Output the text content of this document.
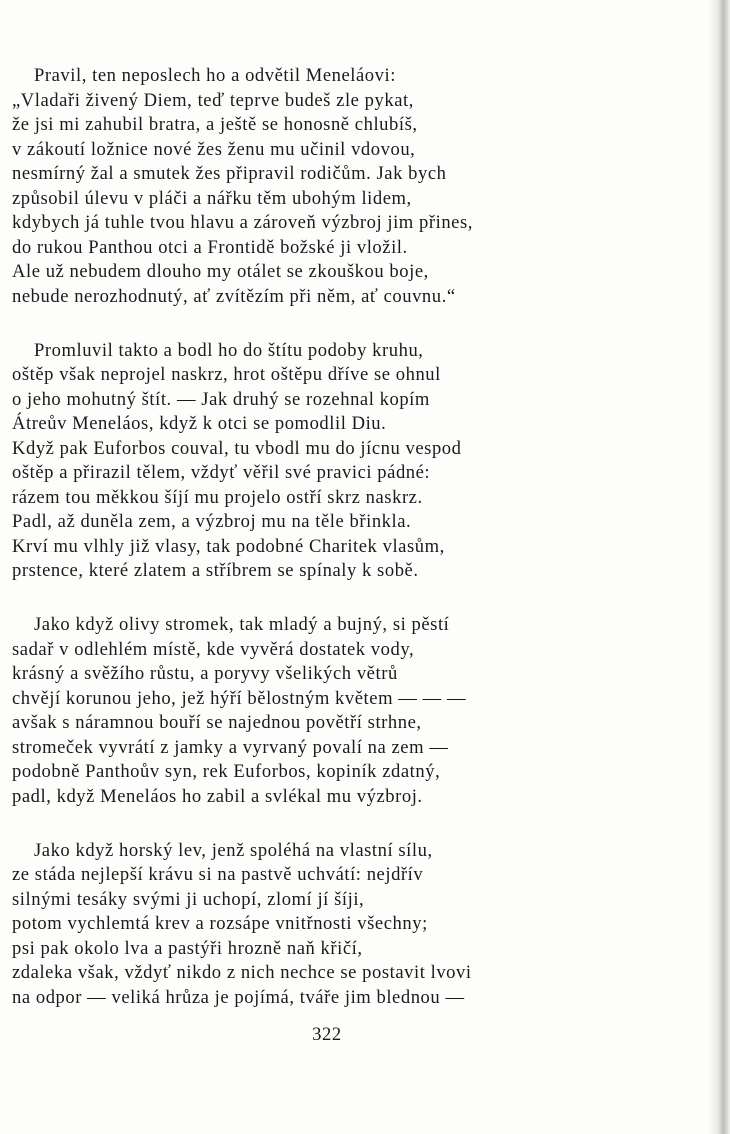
Pravil, ten neposlech ho a odvětil Meneláovi:
„Vladaři živený Diem, teď teprve budeš zle pykat,
že jsi mi zahubil bratra, a ještě se honosně chlubíš,
v zákoutí ložnice nové žes ženu mu učinil vdovou,
nesmírný žal a smutek žes připravil rodičům. Jak bych
způsobil úlevu v pláči a nářku těm ubohým lidem,
kdybych já tuhle tvou hlavu a zároveň výzbroj jim přines,
do rukou Panthou otci a Frontidě božské ji vložil.
Ale už nebudem dlouho my otálet se zkouškou boje,
nebude nerozhodnutý, ať zvítězím při něm, ať couvnu.“
Promluvil takto a bodl ho do štítu podoby kruhu,
oštěp však neprojel naskrz, hrot oštěpu dříve se ohnul
o jeho mohutný štít. — Jak druhý se rozehnal kopím
Átreův Meneláos, když k otci se pomodlil Diu.
Když pak Euforbos couval, tu vbodl mu do jícnu vespod
oštěp a přirazil tělem, vždyť věřil své pravici pádné:
rázem tou měkkou šíjí mu projelo ostří skrz naskrz.
Padl, až duněla zem, a výzbroj mu na těle břinkla.
Krví mu vlhly již vlasy, tak podobné Charitek vlasům,
prstence, které zlatem a stříbrem se spínaly k sobě.
Jako když olivy stromek, tak mladý a bujný, si pěstí
sadař v odlehlém místě, kde vyvěrá dostatek vody,
krásný a svěžího růstu, a poryvy všelikých větrů
chvějí korunou jeho, jež hýří bělostným květem — — —
avšak s náramnou bouří se najednou povětří strhne,
stromeček vyvrátí z jamky a vyrvaný povalí na zem —
podobně Panthoův syn, rek Euforbos, kopiník zdatný,
padl, když Meneláos ho zabil a svlékal mu výzbroj.
Jako když horský lev, jenž spoléhá na vlastní sílu,
ze stáda nejlepší krávu si na pastvě uchvátí: nejdřív
silnými tesáky svými ji uchopí, zlomí jí šíji,
potom vychlemtá krev a rozsápe vnitřnosti všechny;
psi pak okolo lva a pastýři hrozně naň křičí,
zdaleka však, vždyť nikdo z nich nechce se postavit lvovi
na odpor — veliká hrůza je pojímá, tváře jim blednou —
322
